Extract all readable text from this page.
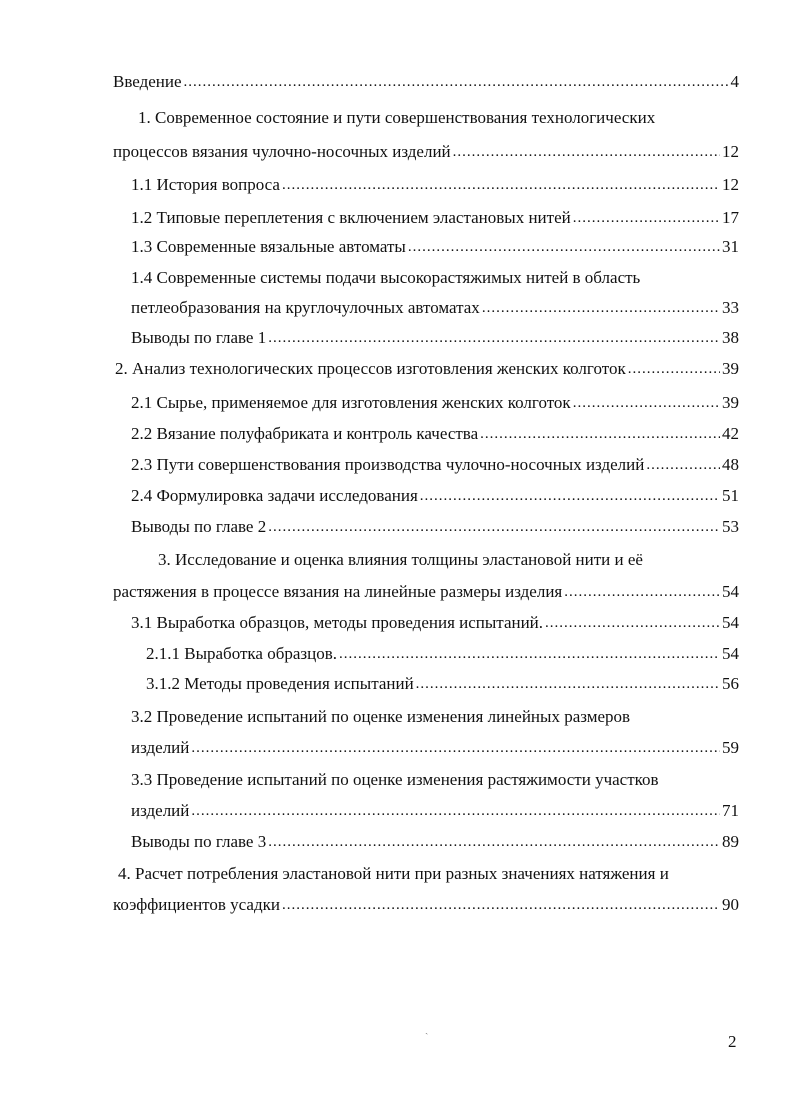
Введение .....	4
1. Современное состояние и пути совершенствования технологических
процессов вязания чулочно-носочных изделий .....	12
1.1 История вопроса .....	12
1.2 Типовые переплетения с включением эластановых нитей .....	17
1.3 Современные вязальные автоматы .....	31
1.4 Современные системы подачи высокорастяжимых нитей в область
петлеобразования на круглочулочных автоматах .....	33
Выводы по главе 1 .....	38
2. Анализ технологических процессов изготовления женских колготок .....	39
2.1 Сырье, применяемое для изготовления женских колготок .....	39
2.2 Вязание полуфабриката и контроль качества .....	42
2.3 Пути совершенствования производства чулочно-носочных изделий .....	48
2.4 Формулировка задачи исследования .....	51
Выводы по главе 2 .....	53
3. Исследование и оценка влияния толщины эластановой нити и её
растяжения в процессе вязания на линейные размеры изделия .....	54
3.1 Выработка образцов, методы проведения испытаний. .....	54
2.1.1 Выработка образцов. .....	54
3.1.2 Методы проведения испытаний .....	56
3.2 Проведение испытаний по оценке изменения линейных размеров
изделий .....	59
3.3 Проведение испытаний по оценке изменения растяжимости участков
изделий .....	71
Выводы по главе 3 .....	89
4. Расчет потребления эластановой нити при разных значениях натяжения и
коэффициентов усадки .....	90
ˏ
2
